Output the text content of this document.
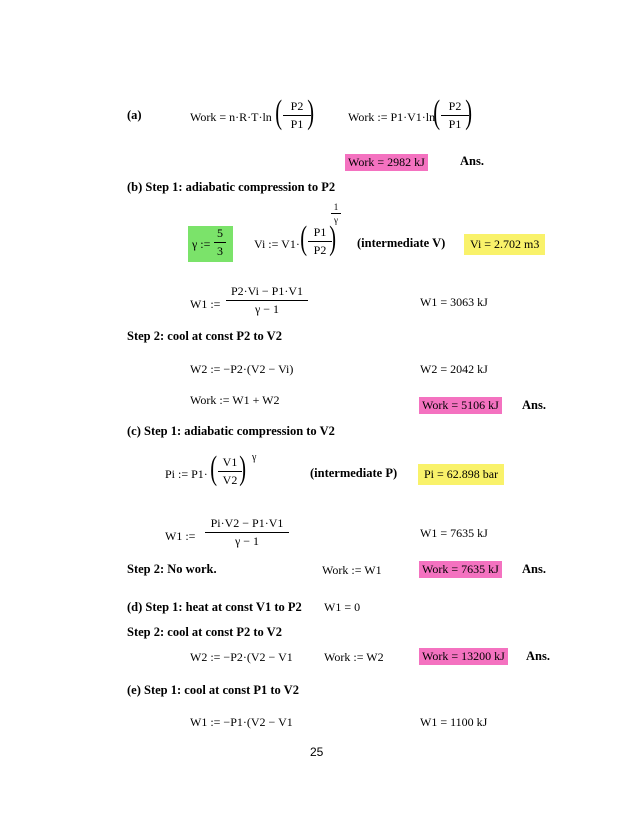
(a)	Work = n·R·T·ln ( P2
P1 )	Work := P1·V1·ln
( P2
P1 )
Work = 2982 kJ	Ans.
(b) Step 1: adiabatic compression to P2
γ :=
5
3	Vi := V1· ( P1
P2 )
1
γ
(intermediate V)	Vi = 2.702 m3
W1 :=
P2·Vi − P1·V1
γ − 1	W1 = 3063 kJ
Step 2: cool at const P2 to V2
W2 := −P2·(V2 − Vi)	W2 = 2042 kJ
Work := W1 + W2	Work = 5106 kJ Ans.
(c) Step 1: adiabatic compression to V2
Pi := P1· ( V1
V2 ) γ
(intermediate P)	Pi = 62.898 bar
W1 :=
Pi·V2 − P1·V1
γ − 1
W1 = 7635 kJ
Step 2: No work.	Work := W1	Work = 7635 kJ Ans.
(d) Step 1: heat at const V1 to P2 W1 = 0
Step 2: cool at const P2 to V2
W2 := −P2·(V2 − V1	Work := W2	Work = 13200 kJ Ans.
(e) Step 1: cool at const P1 to V2
W1 := −P1·(V2 − V1	W1 = 1100 kJ
25
